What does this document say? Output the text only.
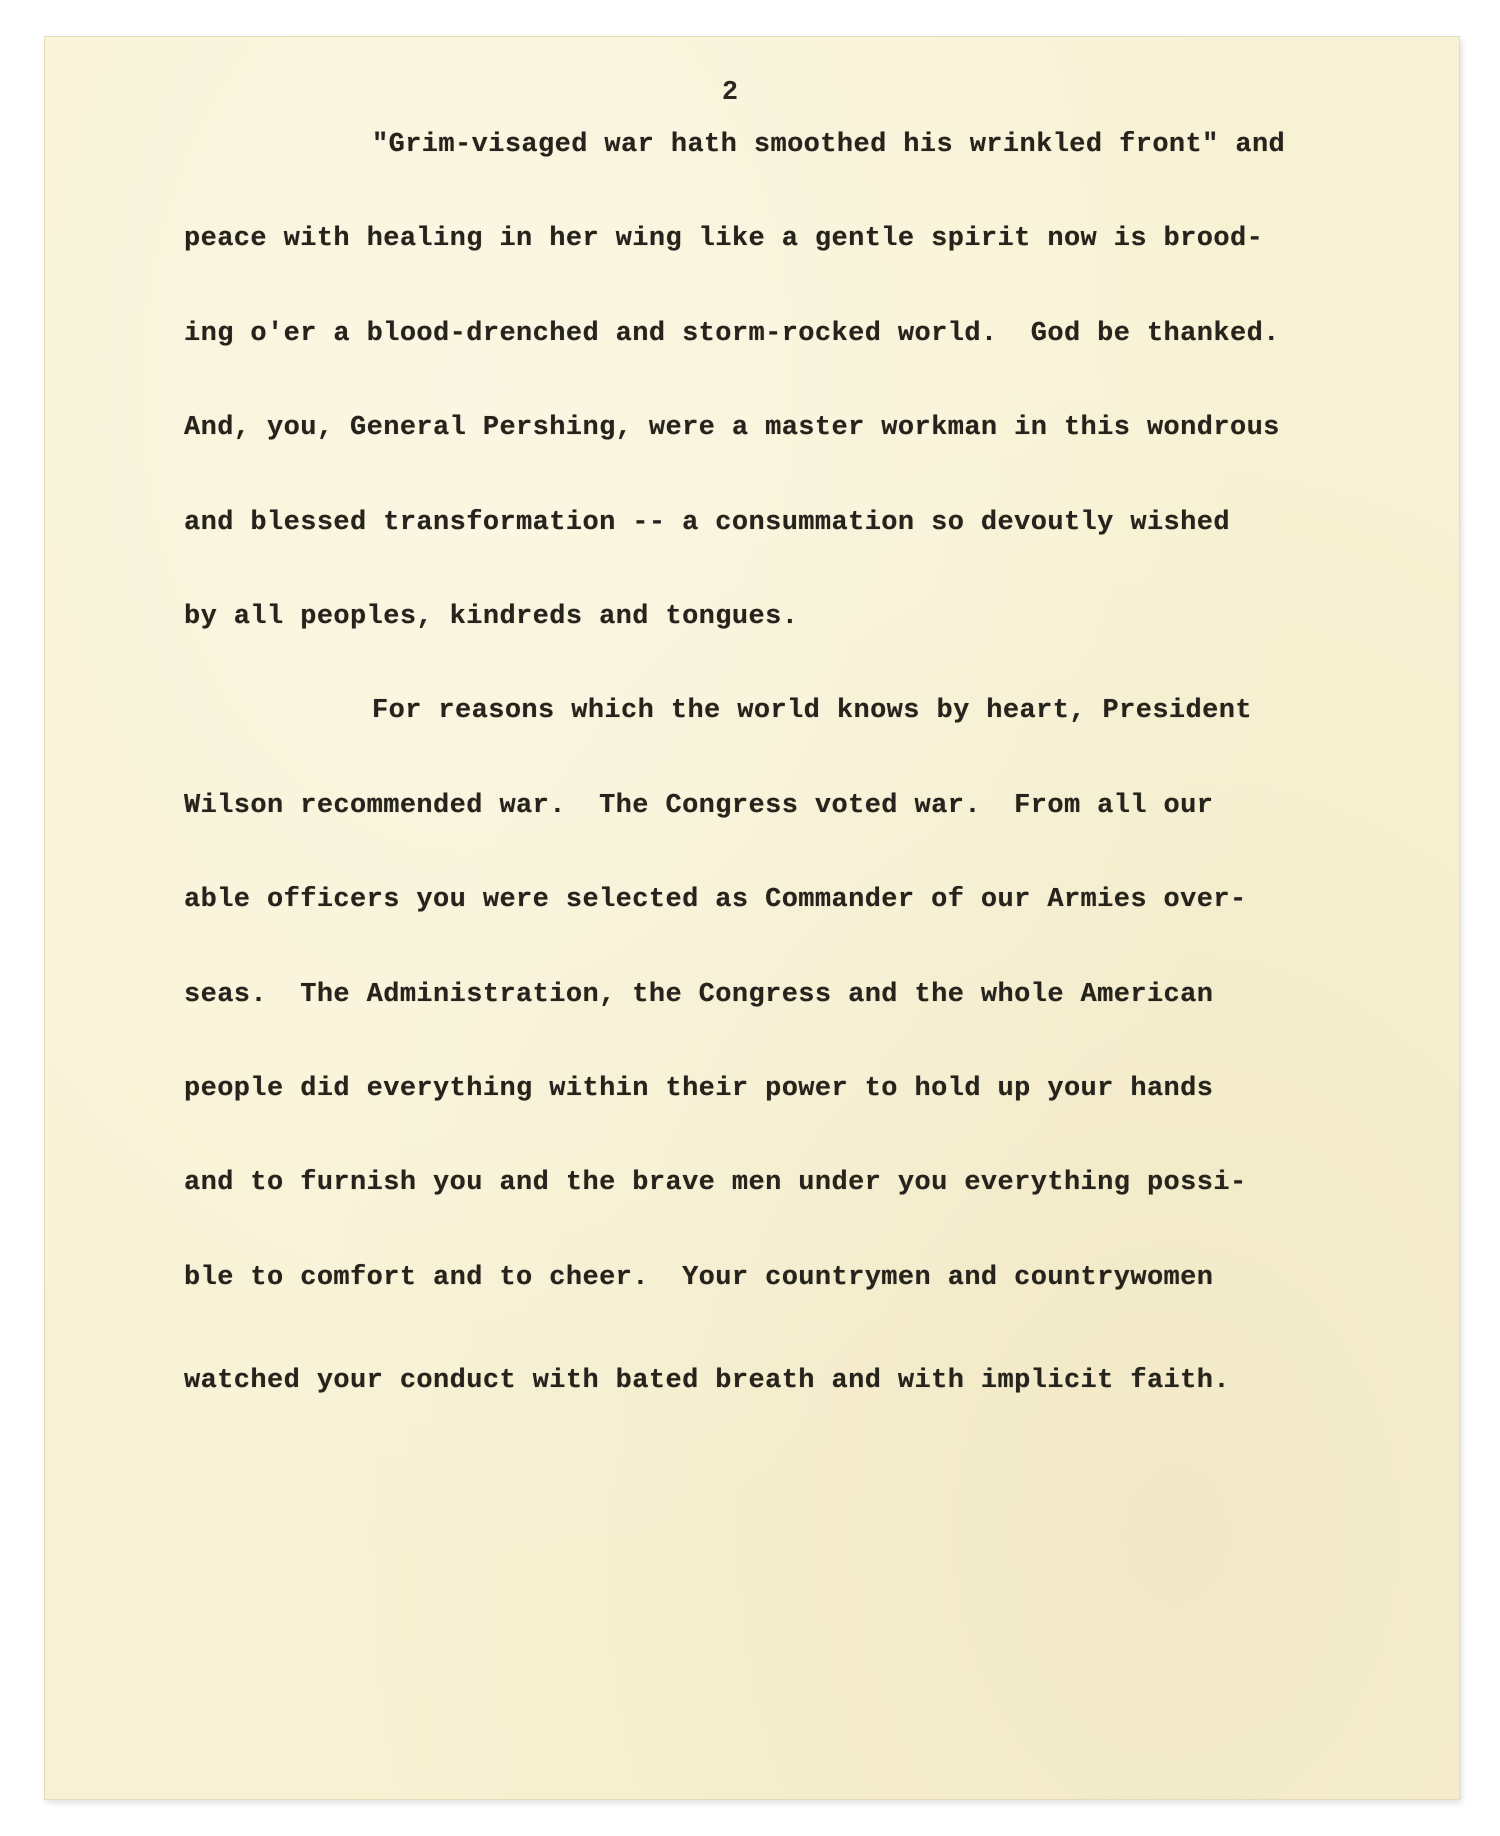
2
"Grim-visaged war hath smoothed his wrinkled front" and
peace with healing in her wing like a gentle spirit now is brood-
ing o'er a blood-drenched and storm-rocked world.  God be thanked.
And, you, General Pershing, were a master workman in this wondrous
and blessed transformation -- a consummation so devoutly wished
by all peoples, kindreds and tongues.
For reasons which the world knows by heart, President
Wilson recommended war.  The Congress voted war.  From all our
able officers you were selected as Commander of our Armies over-
seas.  The Administration, the Congress and the whole American
people did everything within their power to hold up your hands
and to furnish you and the brave men under you everything possi-
ble to comfort and to cheer.  Your countrymen and countrywomen
watched your conduct with bated breath and with implicit faith.
